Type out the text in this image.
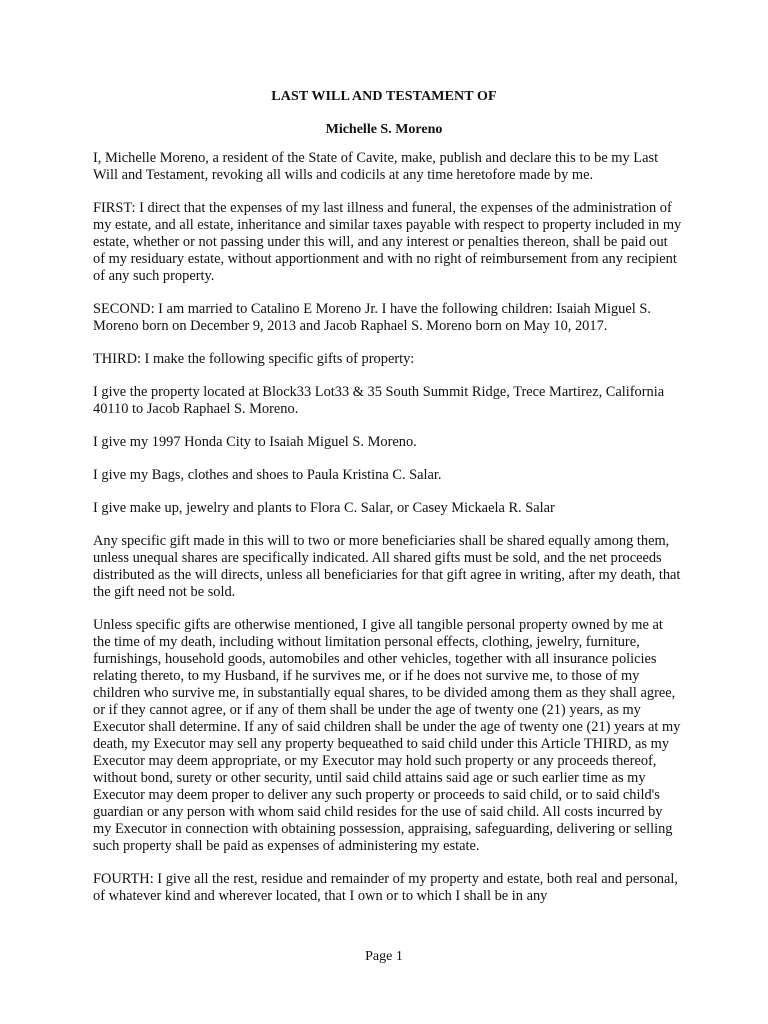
LAST WILL AND TESTAMENT OF
Michelle S. Moreno

I, Michelle Moreno, a resident of the State of Cavite, make, publish and declare this to be my Last Will and Testament, revoking all wills and codicils at any time heretofore made by me.

FIRST: I direct that the expenses of my last illness and funeral, the expenses of the administration of my estate, and all estate, inheritance and similar taxes payable with respect to property included in my estate, whether or not passing under this will, and any interest or penalties thereon, shall be paid out of my residuary estate, without apportionment and with no right of reimbursement from any recipient of any such property.

SECOND: I am married to Catalino E Moreno Jr. I have the following children: Isaiah Miguel S. Moreno born on December 9, 2013 and Jacob Raphael S. Moreno born on May 10, 2017.

THIRD: I make the following specific gifts of property:

I give the property located at Block33 Lot33 & 35 South Summit Ridge, Trece Martirez, California 40110 to Jacob Raphael S. Moreno.

I give my 1997 Honda City to Isaiah Miguel S. Moreno.

I give my Bags, clothes and shoes to Paula Kristina C. Salar.

I give make up, jewelry and plants to Flora C. Salar, or Casey Mickaela R. Salar

Any specific gift made in this will to two or more beneficiaries shall be shared equally among them, unless unequal shares are specifically indicated. All shared gifts must be sold, and the net proceeds distributed as the will directs, unless all beneficiaries for that gift agree in writing, after my death, that the gift need not be sold.

Unless specific gifts are otherwise mentioned, I give all tangible personal property owned by me at the time of my death, including without limitation personal effects, clothing, jewelry, furniture, furnishings, household goods, automobiles and other vehicles, together with all insurance policies relating thereto, to my Husband, if he survives me, or if he does not survive me, to those of my children who survive me, in substantially equal shares, to be divided among them as they shall agree, or if they cannot agree, or if any of them shall be under the age of twenty one (21) years, as my Executor shall determine. If any of said children shall be under the age of twenty one (21) years at my death, my Executor may sell any property bequeathed to said child under this Article THIRD, as my Executor may deem appropriate, or my Executor may hold such property or any proceeds thereof, without bond, surety or other security, until said child attains said age or such earlier time as my Executor may deem proper to deliver any such property or proceeds to said child, or to said child's guardian or any person with whom said child resides for the use of said child. All costs incurred by my Executor in connection with obtaining possession, appraising, safeguarding, delivering or selling such property shall be paid as expenses of administering my estate.

FOURTH: I give all the rest, residue and remainder of my property and estate, both real and personal, of whatever kind and wherever located, that I own or to which I shall be in any

Page 1
